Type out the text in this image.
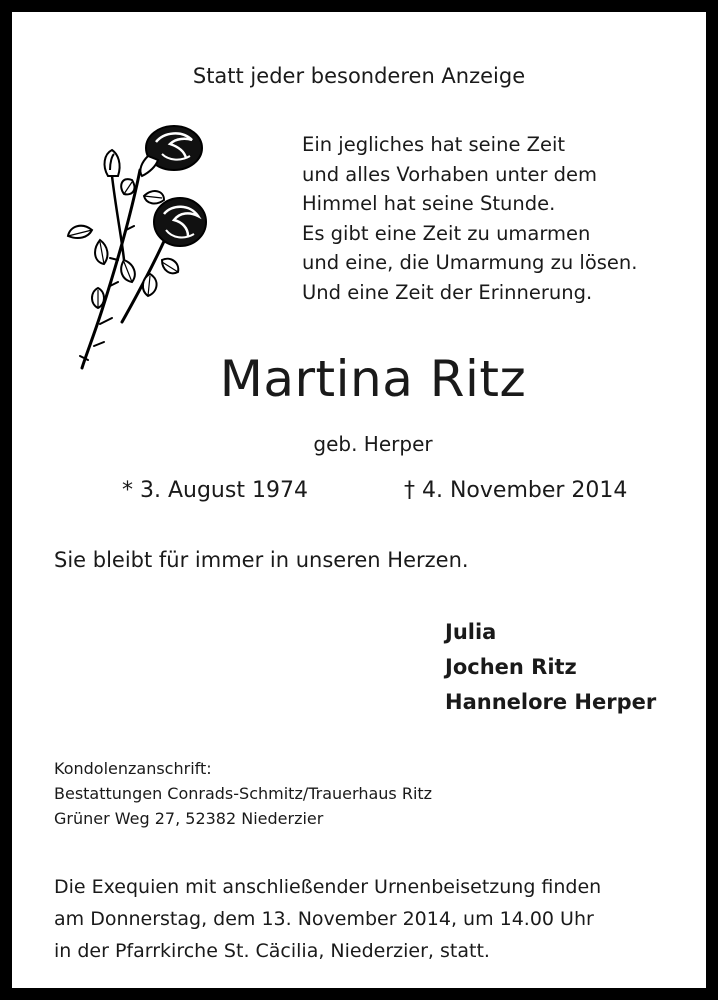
Statt jeder besonderen Anzeige
Ein jegliches hat seine Zeit
und alles Vorhaben unter dem
Himmel hat seine Stunde.
Es gibt eine Zeit zu umarmen
und eine, die Umarmung zu lösen.
Und eine Zeit der Erinnerung.
Martina Ritz
geb. Herper
* 3. August 1974	† 4. November 2014
Sie bleibt für immer in unseren Herzen.
Julia
Jochen Ritz
Hannelore Herper
Kondolenzanschrift:
Bestattungen Conrads-Schmitz/Trauerhaus Ritz
Grüner Weg 27, 52382 Niederzier
Die Exequien mit anschließender Urnenbeisetzung finden
am Donnerstag, dem 13. November 2014, um 14.00 Uhr
in der Pfarrkirche St. Cäcilia, Niederzier, statt.
